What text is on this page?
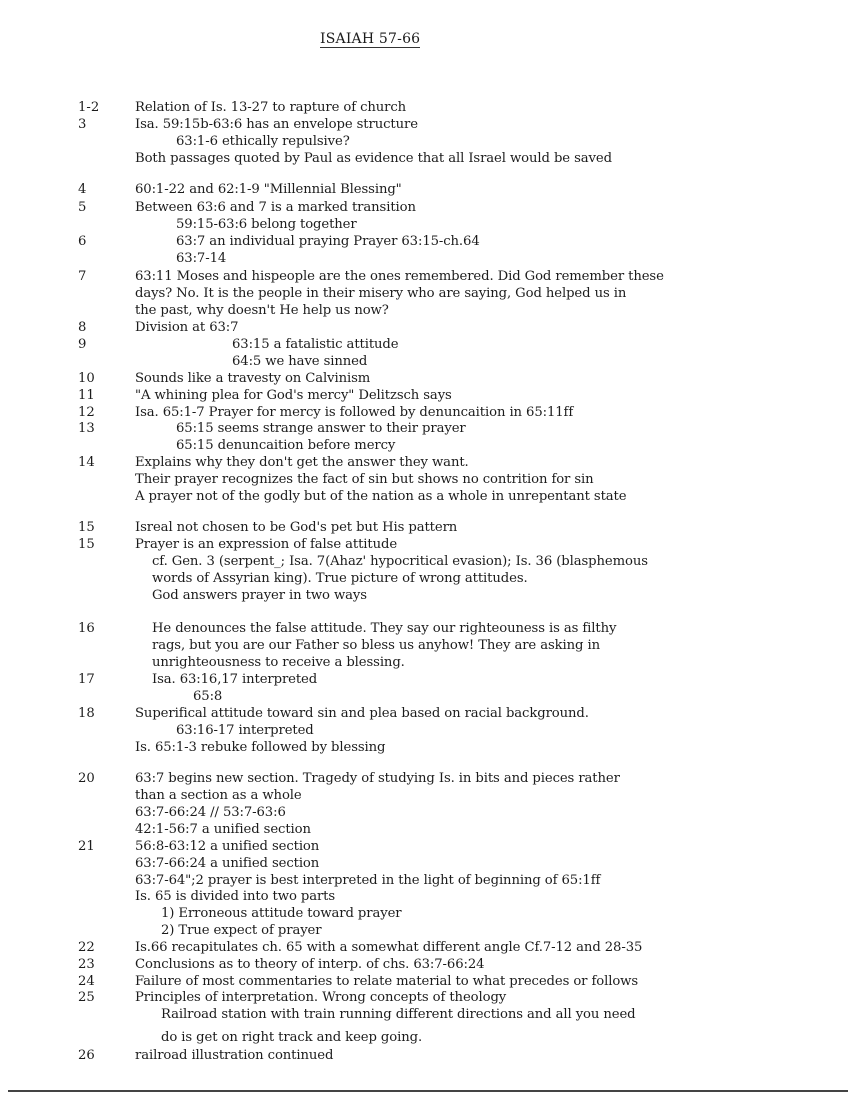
ISAIAH 57-66
1-2	Relation of Is. 13-27 to rapture of church
3	Isa. 59:15b-63:6 has an envelope structure
63:1-6 ethically repulsive?
Both passages quoted by Paul as evidence that all Israel would be saved
4	60:1-22 and 62:1-9 "Millennial Blessing"
5	Between 63:6 and 7 is a marked transition
59:15-63:6 belong together
6	63:7 an individual praying Prayer 63:15-ch.64
63:7-14
7	63:11 Moses and hispeople are the ones remembered. Did God remember these
days? No. It is the people in their misery who are saying, God helped us in
the past, why doesn't He help us now?
8	Division at 63:7
9	63:15 a fatalistic attitude
64:5 we have sinned
10	Sounds like a travesty on Calvinism
11	"A whining plea for God's mercy" Delitzsch says
12	Isa. 65:1-7 Prayer for mercy is followed by denuncaition in 65:11ff
13	65:15 seems strange answer to their prayer
65:15 denuncaition before mercy
14	Explains why they don't get the answer they want.
Their prayer recognizes the fact of sin but shows no contrition for sin
A prayer not of the godly but of the nation as a whole in unrepentant state
15	Isreal not chosen to be God's pet but His pattern
15	Prayer is an expression of false attitude
cf. Gen. 3 (serpent_; Isa. 7(Ahaz' hypocritical evasion); Is. 36 (blasphemous
words of Assyrian king). True picture of wrong attitudes.
God answers prayer in two ways
16	He denounces the false attitude. They say our righteouness is as filthy
rags, but you are our Father so bless us anyhow! They are asking in
unrighteousness to receive a blessing.
17	Isa. 63:16,17 interpreted
65:8
18	Superifical attitude toward sin and plea based on racial background.
63:16-17 interpreted
Is. 65:1-3 rebuke followed by blessing
20	63:7 begins new section. Tragedy of studying Is. in bits and pieces rather
than a section as a whole
63:7-66:24 // 53:7-63:6
42:1-56:7 a unified section
21	56:8-63:12 a unified section
63:7-66:24 a unified section
63:7-64";2 prayer is best interpreted in the light of beginning of 65:1ff
Is. 65 is divided into two parts
1) Erroneous attitude toward prayer
2) True expect of prayer
22	Is.66 recapitulates ch. 65 with a somewhat different angle Cf.7-12 and 28-35
23	Conclusions as to theory of interp. of chs. 63:7-66:24
24	Failure of most commentaries to relate material to what precedes or follows
25	Principles of interpretation. Wrong concepts of theology
Railroad station with train running different directions and all you need
do is get on right track and keep going.
26	railroad illustration continued
